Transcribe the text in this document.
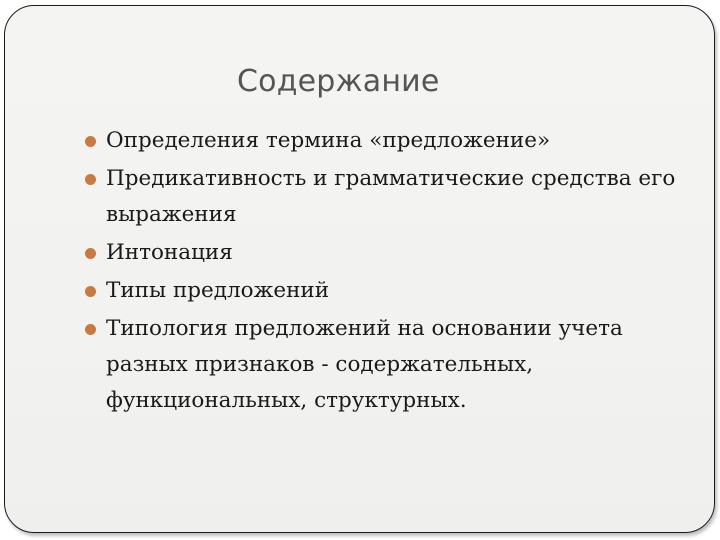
Содержание
Определения термина «предложение»
Предикативность и грамматические средства его выражения
Интонация
Типы предложений
Типология предложений на основании учета разных признаков - содержательных, функциональных, структурных.
